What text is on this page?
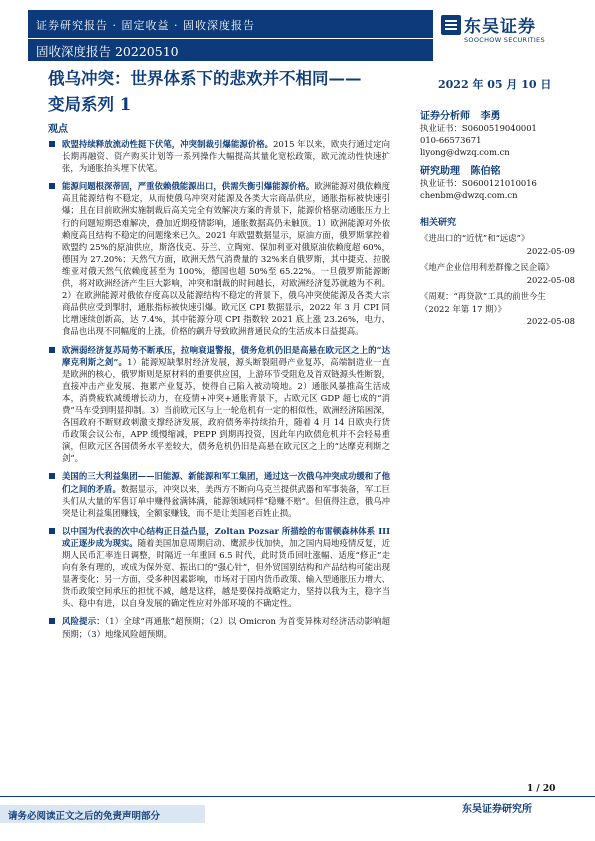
证券研究报告 · 固定收益 · 固收深度报告
固收深度报告 20220510
东吴证券
SOOCHOW SECURITIES
俄乌冲突：世界体系下的悲欢并不相同——
变局系列 1
2022 年 05 月 10 日
观点
欧盟持续释放流动性挺下伏笔，冲突制裁引爆能源价格。2015 年以来，欧央行通过定向长期再融资、资产购买计划等一系列操作大幅提高其量化宽松政策，欧元流动性快速扩张，为通胀抬头埋下伏笔。
能源问题根深蒂固，严重依赖俄能源出口，供需失衡引爆能源价格。欧洲能源对俄依赖度高且能源结构不稳定，从而使俄乌冲突对能源及各类大宗商品供应，通胀指标被快速引爆；且在目前欧洲实施制裁后高关完全有效解决方案的背景下，能源价格驱动通胀压力上行的问题短期恐难解决，叠加近期疫情影响，通胀数据高仍未触顶。1）欧洲能源对外依赖度高且结构不稳定的问题缘来已久。2021 年欧盟数据显示，原油方面，俄罗斯掌控着欧盟约 25%的原油供应，斯洛伐克、芬兰、立陶宛、保加利亚对俄原油依赖度超 60%，德国为 27.20%；天然气方面，欧洲天然气消费量的 32%来自俄罗斯，其中捷克、拉脱维亚对俄天然气依赖度甚至为 100%，德国也超 50%至 65.22%。一旦俄罗斯能源断供，将对欧洲经济产生巨大影响，冲突和制裁的时间越长，对欧洲经济复苏就越为不利。2）在欧洲能源对俄依存度高以及能源结构不稳定的背景下，俄乌冲突使能源及各类大宗商品供应受到掣肘，通胀指标被快速引爆。欧元区 CPI 数据显示，2022 年 3 月 CPI 同比增速续创新高，达 7.4%，其中能源分项 CPI 指数较 2021 底上涨 23.26%，电力、食品也出现不同幅度的上涨，价格的飙升导致欧洲普通民众的生活成本日益提高。
欧洲弱经济复苏局势不断承压，拉响衰退警报，债务危机仍旧是高悬在欧元区之上的“达摩克利斯之剑”。1）能源短缺掣肘经济发展，源头断裂阻碍产业复苏，高端制造业一直是欧洲的核心，俄罗斯则是原材料的重要供应国，上游环节受阻危及首双链源头性断裂，直接冲击产业发展、拖累产业复苏，使得自己陷入被动境地。2）通胀风暴推高生活成本，消费疲软减缓增长动力，在疫情+冲突+通胀背景下，占欧元区 GDP 超七成的“消费”马车受到明显抑制。3）当前欧元区与上一轮危机有一定的相似性，欧洲经济陷困深，各国政府不断财政刺激支撑经济发展，政府债务率持续抬升，随着 4 月 14 日欧央行货币政策会议公布，APP 缓慢缩减，PEPP 到期再投资，因此年内欧债危机并不会轻易重演，但欧元区各国债务水平差较大，债务危机仍旧是高悬在欧元区之上的“达摩克利斯之剑”。
美国的三大利益集团——旧能源、新能源和军工集团，通过这一次俄乌冲突成功缓和了他们之间的矛盾。数据显示，冲突以来，美西方不断向乌克兰提供武器和军事装备，军工巨头们从大量的军售订单中赚得盆满钵满，能源领域同样“稳赚不赔”。但值得注意，俄乌冲突是让利益集团赚钱，全额家赚钱，而不是让美国老百姓止损。
以中国为代表的次中心结构正日益凸显，Zoltan Pozsar 所描绘的布雷顿森林体系 III 或正逐步成为现实。随着美国加息周期启动、鹰派步伐加快，加之国内局地疫情反复，近期人民币汇率连日调整，时隔近一年重回 6.5 时代，此时货币回吐涨幅、适度“修正”走向有条有理的，或成为保外宽、振出口的“强心针”，但外贸国别结构和产品结构可能出现显著变化；另一方面，受多种因素影响，市场对于国内货币政策、输入型通胀压力增大、货币政策空间承压的担忧不减，越是这样，越是要保持战略定力，坚持以我为主，稳字当头、稳中有进，以自身发展的确定性应对外部环境的不确定性。
风险提示：（1）全球“再通胀”超预期；（2）以 Omicron 为首变异株对经济活动影响超预期；（3）地缘风险超预期。
证券分析师 李勇
执业证书：S0600519040001
010-66573671
liyong@dwzq.com.cn
研究助理 陈伯铭
执业证书：S0600121010016
chenbm@dwzq.com.cn
相关研究
《进出口的“近忧”和“远虑”》
2022-05-09
《地产企业信用利差群像之民企篇》
2022-05-08
《周观：“再贷款”工具的前世今生（2022 年第 17 期）》
2022-05-08
1 / 20
请务必阅读正文之后的免责声明部分
东吴证券研究所
